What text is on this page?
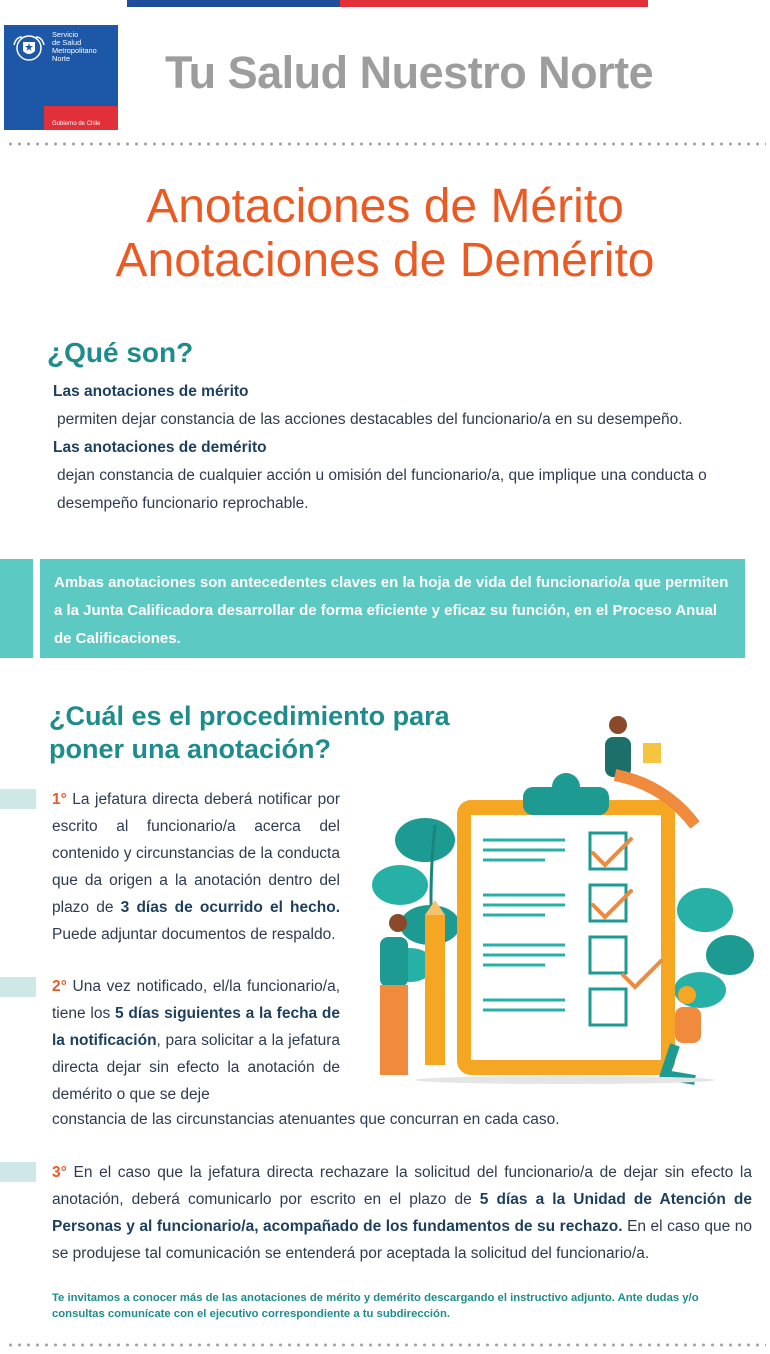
Servicio
de Salud
Metropolitano
Norte
Gobierno de Chile
Tu Salud Nuestro Norte
Anotaciones de Mérito
Anotaciones de Demérito
¿Qué son?
Las anotaciones de mérito
permiten dejar constancia de las acciones destacables del funcionario/a en su desempeño.
Las anotaciones de demérito
dejan constancia de cualquier acción u omisión del funcionario/a, que implique una conducta o desempeño funcionario reprochable.

Ambas anotaciones son antecedentes claves en la hoja de vida del funcionario/a que permiten a la Junta Calificadora desarrollar de forma eficiente y eficaz su función, en el Proceso Anual de Calificaciones.

¿Cuál es el procedimiento para
poner una anotación?
1° La jefatura directa deberá notificar por escrito al funcionario/a acerca del contenido y circunstancias de la conducta que da origen a la anotación dentro del plazo de 3 días de ocurrido el hecho. Puede adjuntar documentos de respaldo.
2° Una vez notificado, el/la funcionario/a, tiene los 5 días siguientes a la fecha de la notificación, para solicitar a la jefatura directa dejar sin efecto la anotación de demérito o que se deje
constancia de las circunstancias atenuantes que concurran en cada caso.
3° En el caso que la jefatura directa rechazare la solicitud del funcionario/a de dejar sin efecto la anotación, deberá comunicarlo por escrito en el plazo de 5 días a la Unidad de Atención de Personas y al funcionario/a, acompañado de los fundamentos de su rechazo. En el caso que no se produjese tal comunicación se entenderá por aceptada la solicitud del funcionario/a.
Te invitamos a conocer más de las anotaciones de mérito y demérito descargando el instructivo adjunto. Ante dudas y/o consultas comunícate con el ejecutivo correspondiente a tu subdirección.
